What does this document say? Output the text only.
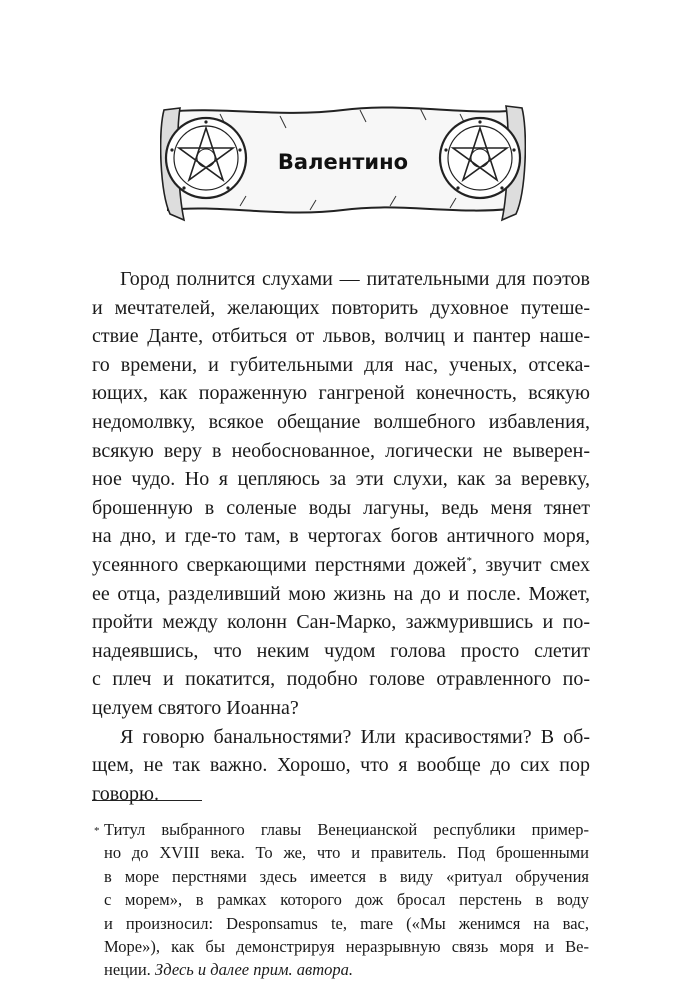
Валентино

Город полнится слухами — питательными для поэтов
и мечтателей, желающих повторить духовное путеше-
ствие Данте, отбиться от львов, волчиц и пантер наше-
го времени, и губительными для нас, ученых, отсека-
ющих, как пораженную гангреной конечность, всякую
недомолвку, всякое обещание волшебного избавления,
всякую веру в необоснованное, логически не выверен-
ное чудо. Но я цепляюсь за эти слухи, как за веревку,
брошенную в соленые воды лагуны, ведь меня тянет
на дно, и где-то там, в чертогах богов античного моря,
усеянного сверкающими перстнями дожей*, звучит смех
ее отца, разделивший мою жизнь на до и после. Может,
пройти между колонн Сан-Марко, зажмурившись и по-
надеявшись, что неким чудом голова просто слетит
с плеч и покатится, подобно голове отравленного по-
целуем святого Иоанна?

Я говорю банальностями? Или красивостями? В об-
щем, не так важно. Хорошо, что я вообще до сих пор
говорю.

* Титул выбранного главы Венецианской республики пример-
но до XVIII века. То же, что и правитель. Под брошенными
в море перстнями здесь имеется в виду «ритуал обручения
с морем», в рамках которого дож бросал перстень в воду
и произносил: Desponsamus te, mare («Мы женимся на вас,
Море»), как бы демонстрируя неразрывную связь моря и Ве-
неции. Здесь и далее прим. автора.
